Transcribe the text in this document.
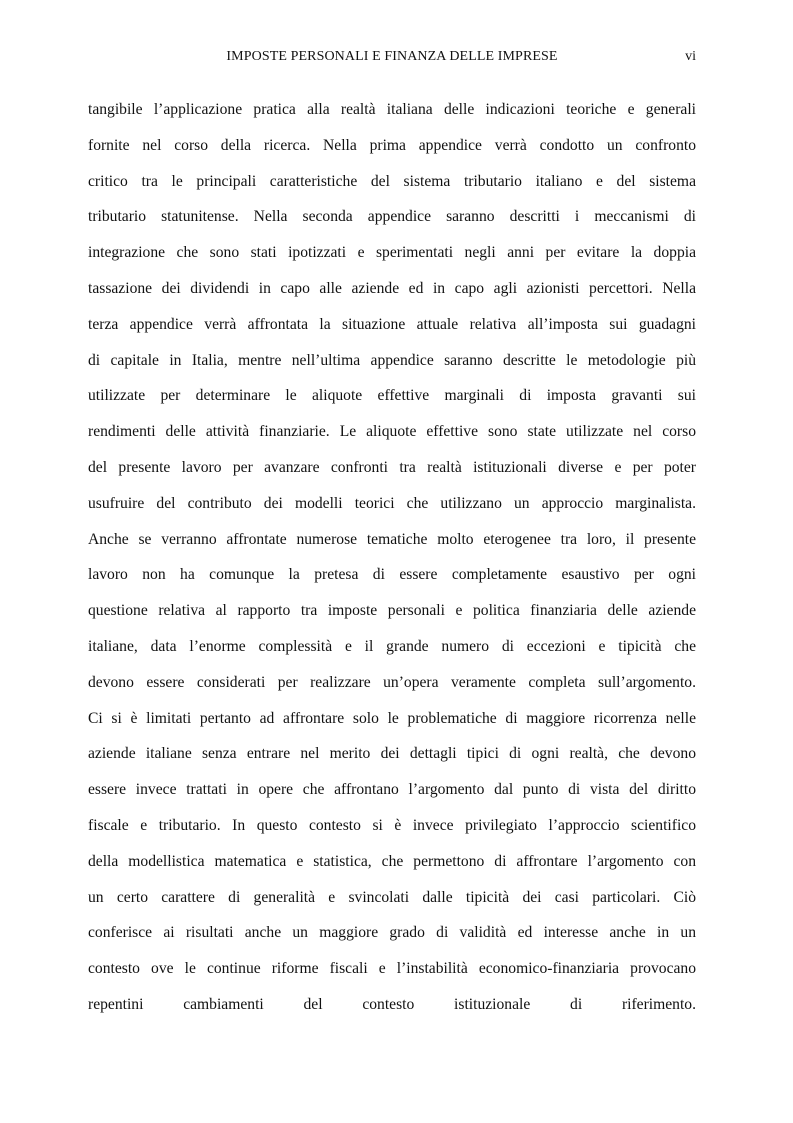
IMPOSTE PERSONALI E FINANZA DELLE IMPRESE	vi
tangibile l’applicazione pratica alla realtà italiana delle indicazioni teoriche e generali
fornite nel corso della ricerca. Nella prima appendice verrà condotto un confronto
critico tra le principali caratteristiche del sistema tributario italiano e del sistema
tributario statunitense. Nella seconda appendice saranno descritti i meccanismi di
integrazione che sono stati ipotizzati e sperimentati negli anni per evitare la doppia
tassazione dei dividendi in capo alle aziende ed in capo agli azionisti percettori. Nella
terza appendice verrà affrontata la situazione attuale relativa all’imposta sui guadagni
di capitale in Italia, mentre nell’ultima appendice saranno descritte le metodologie più
utilizzate per determinare le aliquote effettive marginali di imposta gravanti sui
rendimenti delle attività finanziarie. Le aliquote effettive sono state utilizzate nel corso
del presente lavoro per avanzare confronti tra realtà istituzionali diverse e per poter
usufruire del contributo dei modelli teorici che utilizzano un approccio marginalista.
Anche se verranno affrontate numerose tematiche molto eterogenee tra loro, il presente
lavoro non ha comunque la pretesa di essere completamente esaustivo per ogni
questione relativa al rapporto tra imposte personali e politica finanziaria delle aziende
italiane, data l’enorme complessità e il grande numero di eccezioni e tipicità che
devono essere considerati per realizzare un’opera veramente completa sull’argomento.
Ci si è limitati pertanto ad affrontare solo le problematiche di maggiore ricorrenza nelle
aziende italiane senza entrare nel merito dei dettagli tipici di ogni realtà, che devono
essere invece trattati in opere che affrontano l’argomento dal punto di vista del diritto
fiscale e tributario. In questo contesto si è invece privilegiato l’approccio scientifico
della modellistica matematica e statistica, che permettono di affrontare l’argomento con
un certo carattere di generalità e svincolati dalle tipicità dei casi particolari. Ciò
conferisce ai risultati anche un maggiore grado di validità ed interesse anche in un
contesto ove le continue riforme fiscali e l’instabilità economico-finanziaria provocano
repentini cambiamenti del contesto istituzionale di riferimento.
